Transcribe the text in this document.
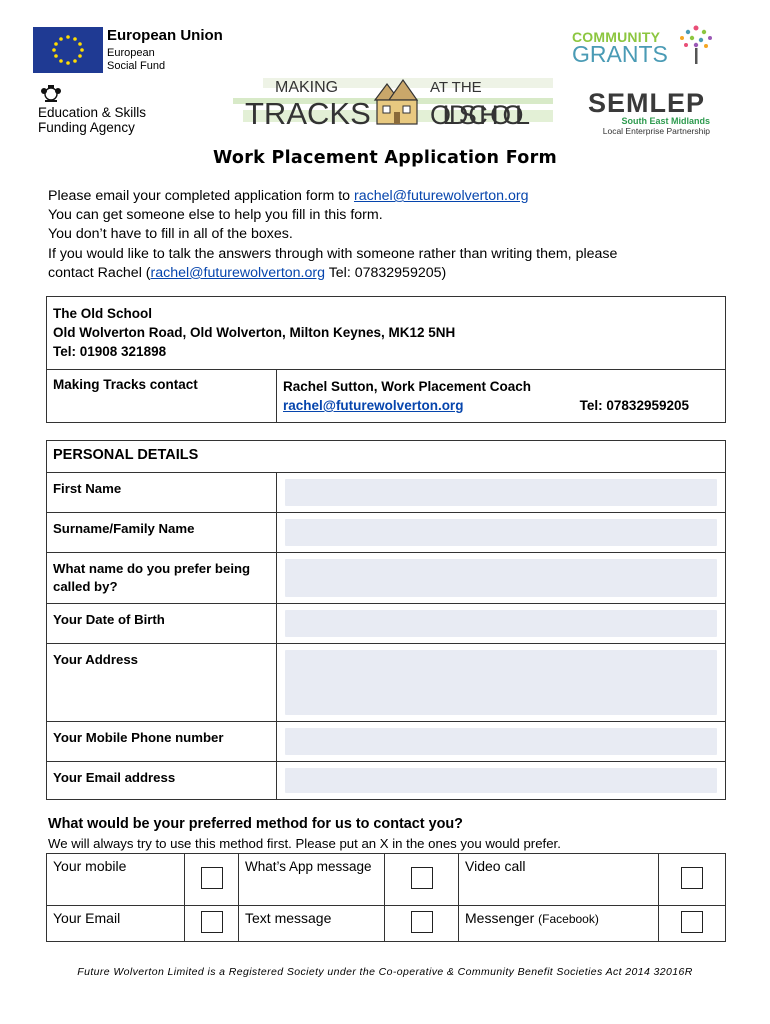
European Union
European
Social Fund
Education & Skills
Funding Agency
MAKING
TRACKS
AT THE
OLD SCHOOL
COMMUNITY
GRANTS
SEMLEP
South East Midlands
Local Enterprise Partnership
Work Placement Application Form
Please email your completed application form to rachel@futurewolverton.org
You can get someone else to help you fill in this form.
You don’t have to fill in all of the boxes.
If you would like to talk the answers through with someone rather than writing them, please
contact Rachel (rachel@futurewolverton.org Tel: 07832959205)
The Old School
Old Wolverton Road, Old Wolverton, Milton Keynes, MK12 5NH
Tel: 01908 321898

Making Tracks contact	Rachel Sutton, Work Placement Coach
rachel@futurewolverton.org	Tel: 07832959205
PERSONAL DETAILS	
First Name	

Surname/Family Name	

What name do you prefer being called by?	

Your Date of Birth	

Your Address	

Your Mobile Phone number	

Your Email address	
What would be your preferred method for us to contact you?
We will always try to use this method first. Please put an X in the ones you would prefer.
Your mobile		What’s App message		Video call	
Your Email		Text message		Messenger (Facebook)	
Future Wolverton Limited is a Registered Society under the Co-operative & Community Benefit Societies Act 2014 32016R
